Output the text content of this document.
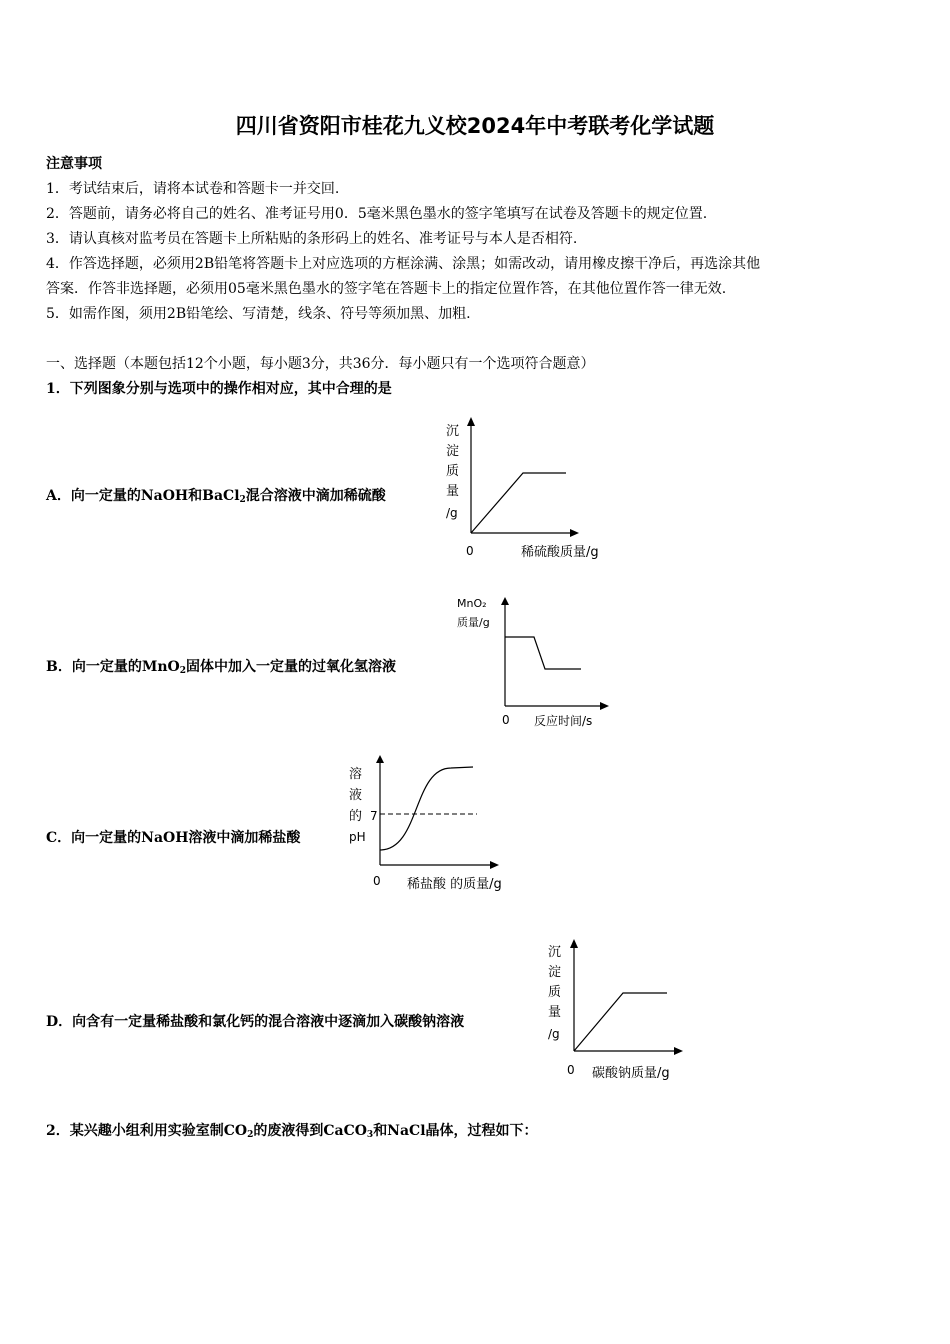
四川省资阳市桂花九义校2024年中考联考化学试题
注意事项
1．考试结束后，请将本试卷和答题卡一并交回.
2．答题前，请务必将自己的姓名、准考证号用0．5毫米黑色墨水的签字笔填写在试卷及答题卡的规定位置.
3．请认真核对监考员在答题卡上所粘贴的条形码上的姓名、准考证号与本人是否相符.
4．作答选择题，必须用2B铅笔将答题卡上对应选项的方框涂满、涂黑；如需改动，请用橡皮擦干净后，再选涂其他
答案．作答非选择题，必须用05毫米黑色墨水的签字笔在答题卡上的指定位置作答，在其他位置作答一律无效.
5．如需作图，须用2B铅笔绘、写清楚，线条、符号等须加黑、加粗.
一、选择题（本题包括12个小题，每小题3分，共36分．每小题只有一个选项符合题意）
1．下列图象分别与选项中的操作相对应，其中合理的是
A．向一定量的NaOH和BaCl$_2$混合溶液中滴加稀硫酸
沉
淀
质
量
/g
0	稀硫酸质量/g
B．向一定量的MnO$_2$固体中加入一定量的过氧化氢溶液
MnO₂
质量/g
0 反应时间/s
C．向一定量的NaOH溶液中滴加稀盐酸
溶
液
的
pH
7
0 稀盐酸 的质量/g
D．向含有一定量稀盐酸和氯化钙的混合溶液中逐滴加入碳酸钠溶液
沉
淀
质
量
/g
0 碳酸钠质量/g
2．某兴趣小组利用实验室制$CO_2$的废液得到CaCO$_3$和NaCl晶体，过程如下：
